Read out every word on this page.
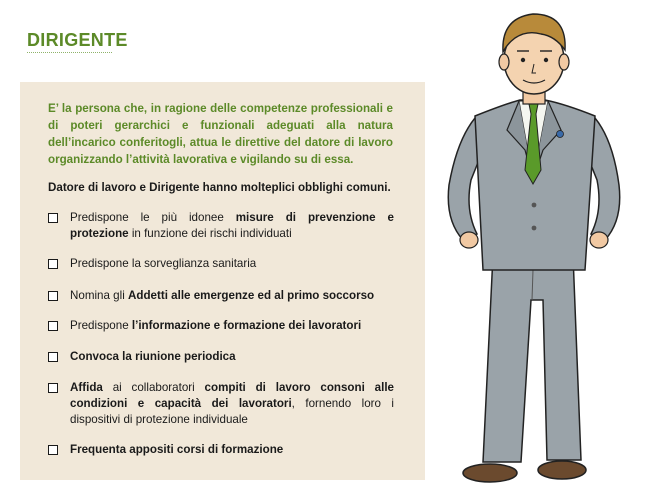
DIRIGENTE

E’ la persona che, in ragione delle competenze professionali e di poteri gerarchici e funzionali adeguati alla natura dell’incarico conferitogli, attua le direttive del datore di lavoro organizzando l’attività lavorativa e vigilando su di essa.

Datore di lavoro e Dirigente hanno molteplici obblighi comuni.

Predispone le più idonee misure di prevenzione e protezione in funzione dei rischi individuati
Predispone la sorveglianza sanitaria
Nomina gli Addetti alle emergenze ed al primo soccorso
Predispone l’informazione e formazione dei lavoratori
Convoca la riunione periodica
Affida ai collaboratori compiti di lavoro consoni alle condizioni e capacità dei lavoratori, fornendo loro i dispositivi di protezione individuale
Frequenta appositi corsi di formazione
